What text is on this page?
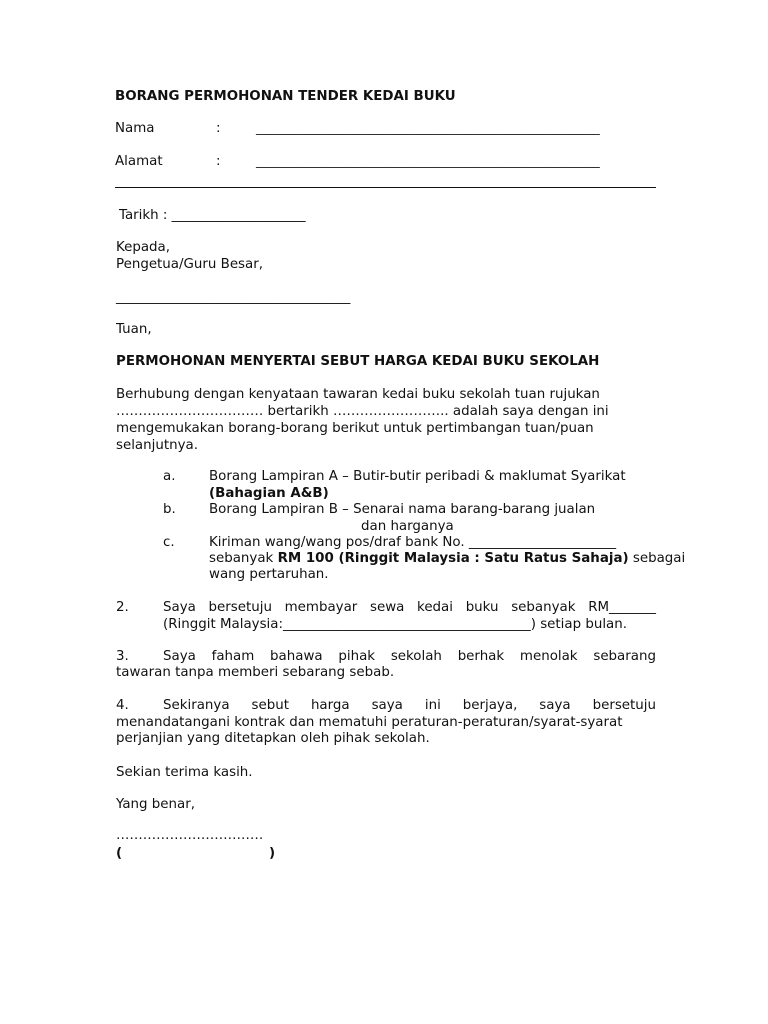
BORANG PERMOHONAN TENDER KEDAI BUKU
Nama	:	_______________________________________________________
Alamat	:	_______________________________________________________
Tarikh : ____________________
Kepada,
Pengetua/Guru Besar,
___________________________________
Tuan,
PERMOHONAN MENYERTAI SEBUT HARGA KEDAI BUKU SEKOLAH
Berhubung dengan kenyataan tawaran kedai buku sekolah tuan rujukan
…………………………… bertarikh …………………….. adalah saya dengan ini
mengemukakan borang-borang berikut untuk pertimbangan tuan/puan
selanjutnya.
a.	Borang Lampiran A – Butir-butir peribadi & maklumat Syarikat
(Bahagian A&B)
b. Borang Lampiran B – Senarai nama barang-barang jualan
dan harganya
c.	Kiriman wang/wang pos/draf bank No. ______________________
sebanyak RM 100 (Ringgit Malaysia : Satu Ratus Sahaja) sebagai
wang pertaruhan.
2.	Saya bersetuju membayar sewa kedai buku sebanyak RM_______
(Ringgit Malaysia:_____________________________________) setiap bulan.
3.	Saya faham bahawa pihak sekolah berhak menolak sebarang
tawaran tanpa memberi sebarang sebab.
4.	Sekiranya sebut harga saya ini berjaya, saya bersetuju
menandatangani kontrak dan mematuhi peraturan-peraturan/syarat-syarat
perjanjian yang ditetapkan oleh pihak sekolah.
Sekian terima kasih.
Yang benar,
……………………………
(	)
